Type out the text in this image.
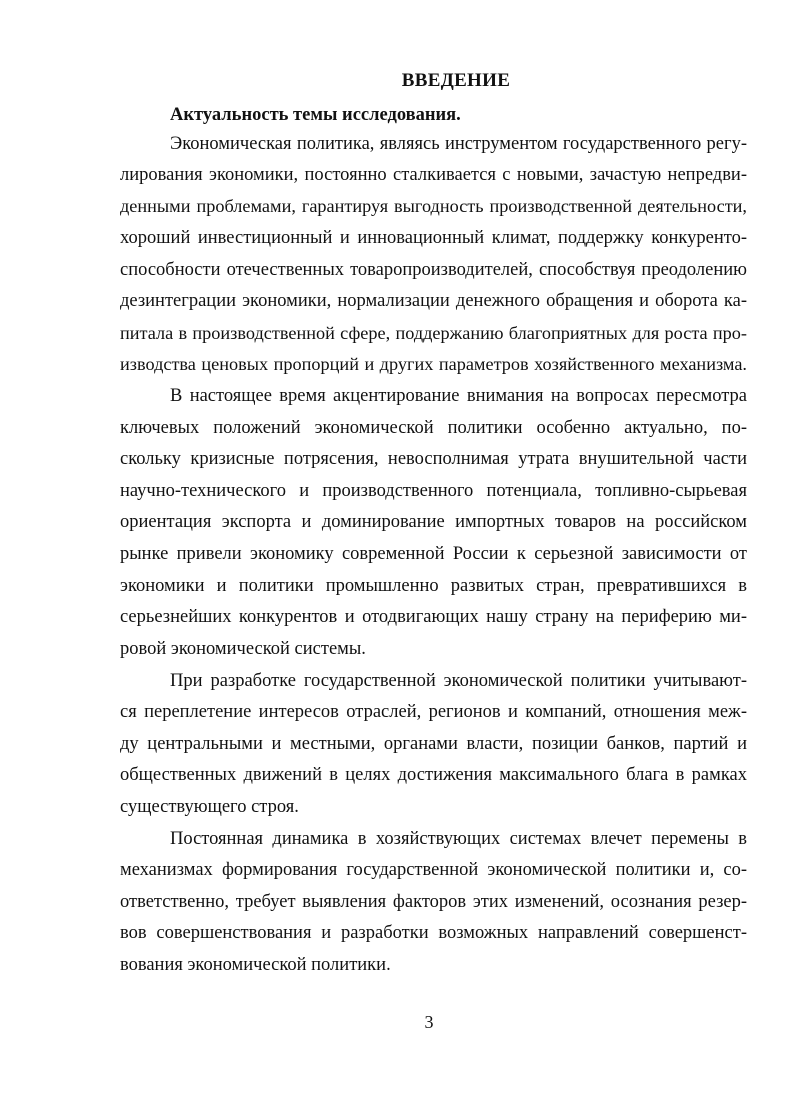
ВВЕДЕНИЕ
Актуальность темы исследования.

Экономическая политика, являясь инструментом государственного регу-

лирования экономики, постоянно сталкивается с новыми, зачастую непредви-

денными проблемами, гарантируя выгодность производственной деятельности,

хороший инвестиционный и инновационный климат, поддержку конкуренто-

способности отечественных товаропроизводителей, способствуя преодолению

дезинтеграции экономики, нормализации денежного обращения и оборота ка-

питала в производственной сфере, поддержанию благоприятных для роста про-

изводства ценовых пропорций и других параметров хозяйственного механизма.

В настоящее время акцентирование внимания на вопросах пересмотра

ключевых положений экономической политики особенно актуально, по-

скольку кризисные потрясения, невосполнимая утрата внушительной части

научно-технического и производственного потенциала, топливно-сырьевая

ориентация экспорта и доминирование импортных товаров на российском

рынке привели экономику современной России к серьезной зависимости от

экономики и политики промышленно развитых стран, превратившихся в

серьезнейших конкурентов и отодвигающих нашу страну на периферию ми-

ровой экономической системы.

При разработке государственной экономической политики учитывают-

ся переплетение интересов отраслей, регионов и компаний, отношения меж-

ду центральными и местными, органами власти, позиции банков, партий и

общественных движений в целях достижения максимального блага в рамках

существующего строя.

Постоянная динамика в хозяйствующих системах влечет перемены в

механизмах формирования государственной экономической политики и, со-

ответственно, требует выявления факторов этих изменений, осознания резер-

вов совершенствования и разработки возможных направлений совершенст-

вования экономической политики.

3
